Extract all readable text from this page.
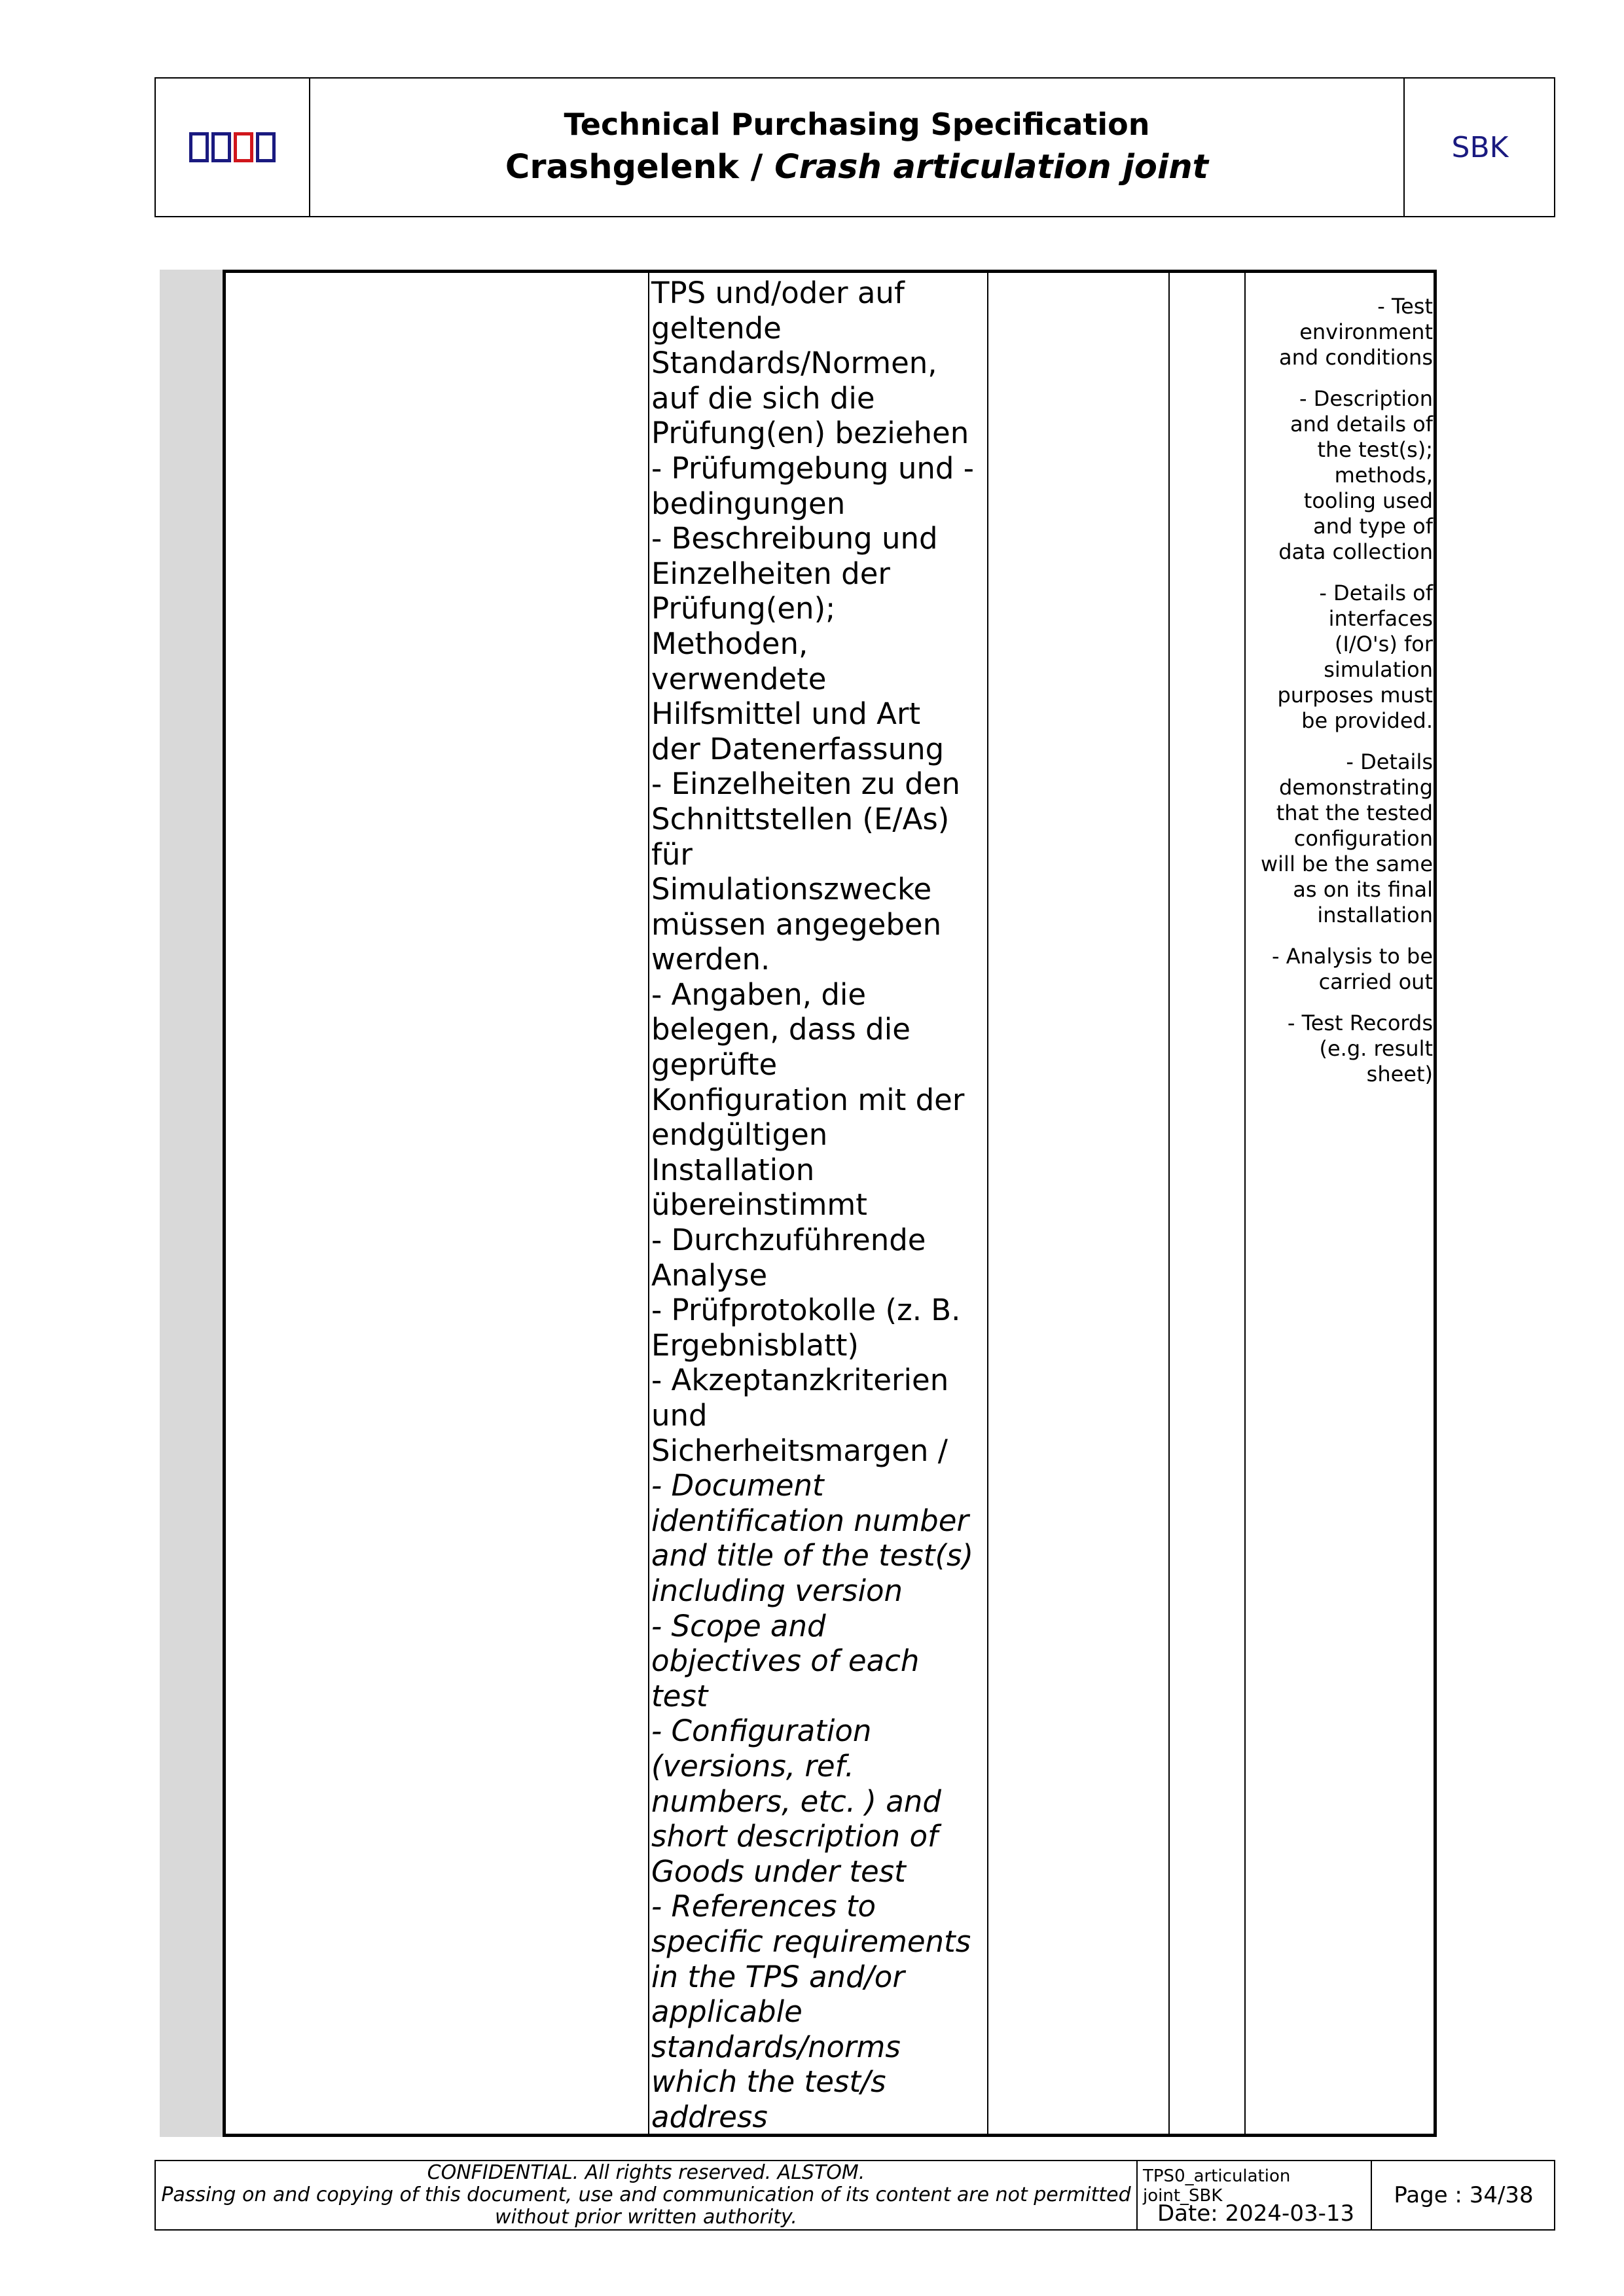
Technical Purchasing Specification
Crashgelenk / Crash articulation joint
SBK
TPS und/oder auf
geltende
Standards/Normen,
auf die sich die
Prüfung(en) beziehen
- Prüfumgebung und -
bedingungen
- Beschreibung und
Einzelheiten der
Prüfung(en);
Methoden,
verwendete
Hilfsmittel und Art
der Datenerfassung
- Einzelheiten zu den
Schnittstellen (E/As)
für
Simulationszwecke
müssen angegeben
werden.
- Angaben, die
belegen, dass die
geprüfte
Konfiguration mit der
endgültigen
Installation
übereinstimmt
- Durchzuführende
Analyse
- Prüfprotokolle (z. B.
Ergebnisblatt)
- Akzeptanzkriterien
und
Sicherheitsmargen /
- Document
identification number
and title of the test(s)
including version
- Scope and
objectives of each
test
- Configuration
(versions, ref.
numbers, etc. ) and
short description of
Goods under test
- References to
specific requirements
in the TPS and/or
applicable
standards/norms
which the test/s
address

- Test
environment
and conditions

- Description
and details of
the test(s);
methods,
tooling used
and type of
data collection

- Details of
interfaces
(I/O's) for
simulation
purposes must
be provided.

- Details
demonstrating
that the tested
configuration
will be the same
as on its final
installation

- Analysis to be
carried out

- Test Records
(e.g. result
sheet)

CONFIDENTIAL. All rights reserved. ALSTOM.
Passing on and copying of this document, use and communication of its content are not permitted
without prior written authority.
TPS0_articulation
joint_SBK
Date: 2024-03-13
Page : 34/38
